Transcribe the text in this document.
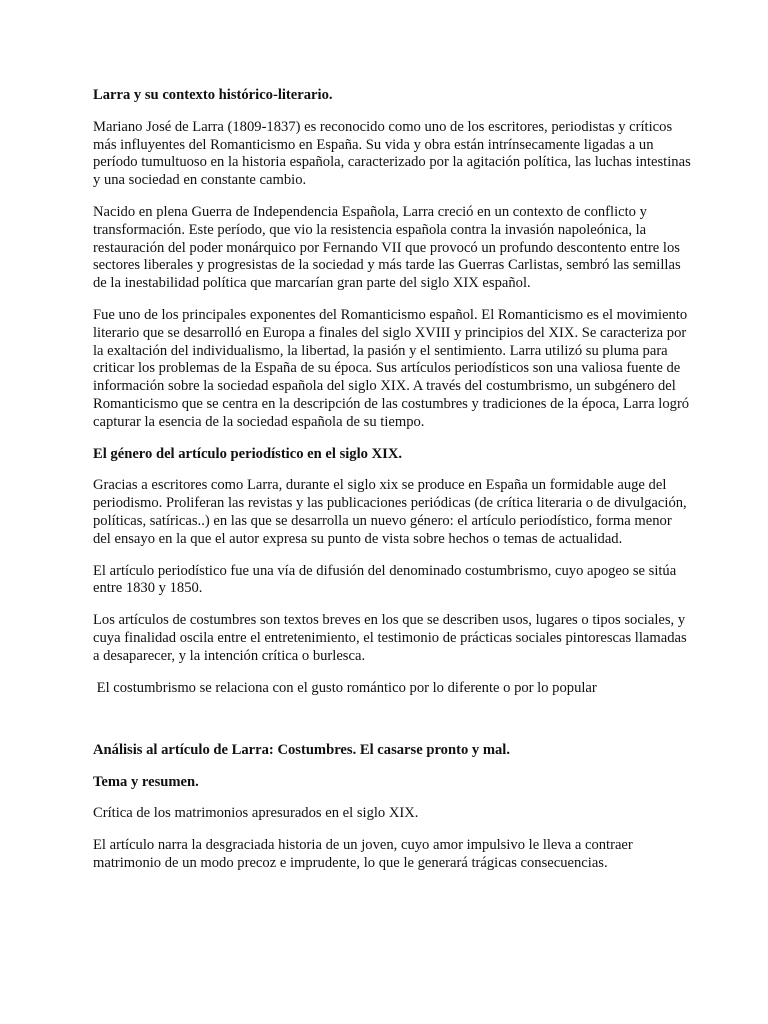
Larra y su contexto histórico-literario.

Mariano José de Larra (1809-1837) es reconocido como uno de los escritores, periodistas y críticos más influyentes del Romanticismo en España. Su vida y obra están intrínsecamente ligadas a un período tumultuoso en la historia española, caracterizado por la agitación política, las luchas intestinas y una sociedad en constante cambio.

Nacido en plena Guerra de Independencia Española, Larra creció en un contexto de conflicto y transformación. Este período, que vio la resistencia española contra la invasión napoleónica, la restauración del poder monárquico por Fernando VII que provocó un profundo descontento entre los sectores liberales y progresistas de la sociedad y más tarde las Guerras Carlistas, sembró las semillas de la inestabilidad política que marcarían gran parte del siglo XIX español.

Fue uno de los principales exponentes del Romanticismo español. El Romanticismo es el movimiento literario que se desarrolló en Europa a finales del siglo XVIII y principios del XIX. Se caracteriza por la exaltación del individualismo, la libertad, la pasión y el sentimiento. Larra utilizó su pluma para criticar los problemas de la España de su época. Sus artículos periodísticos son una valiosa fuente de información sobre la sociedad española del siglo XIX. A través del costumbrismo, un subgénero del Romanticismo que se centra en la descripción de las costumbres y tradiciones de la época, Larra logró capturar la esencia de la sociedad española de su tiempo.

El género del artículo periodístico en el siglo XIX.

Gracias a escritores como Larra, durante el siglo xix se produce en España un formidable auge del periodismo. Proliferan las revistas y las publicaciones periódicas (de crítica literaria o de divulgación, políticas, satíricas..) en las que se desarrolla un nuevo género: el artículo periodístico, forma menor del ensayo en la que el autor expresa su punto de vista sobre hechos o temas de actualidad.

El artículo periodístico fue una vía de difusión del denominado costumbrismo, cuyo apogeo se sitúa entre 1830 y 1850.

Los artículos de costumbres son textos breves en los que se describen usos, lugares o tipos sociales, y cuya finalidad oscila entre el entretenimiento, el testimonio de prácticas sociales pintorescas llamadas a desaparecer, y la intención crítica o burlesca.

El costumbrismo se relaciona con el gusto romántico por lo diferente o por lo popular

Análisis al artículo de Larra: Costumbres. El casarse pronto y mal.
Tema y resumen.

Crítica de los matrimonios apresurados en el siglo XIX.

El artículo narra la desgraciada historia de un joven, cuyo amor impulsivo le lleva a contraer matrimonio de un modo precoz e imprudente, lo que le generará trágicas consecuencias.
